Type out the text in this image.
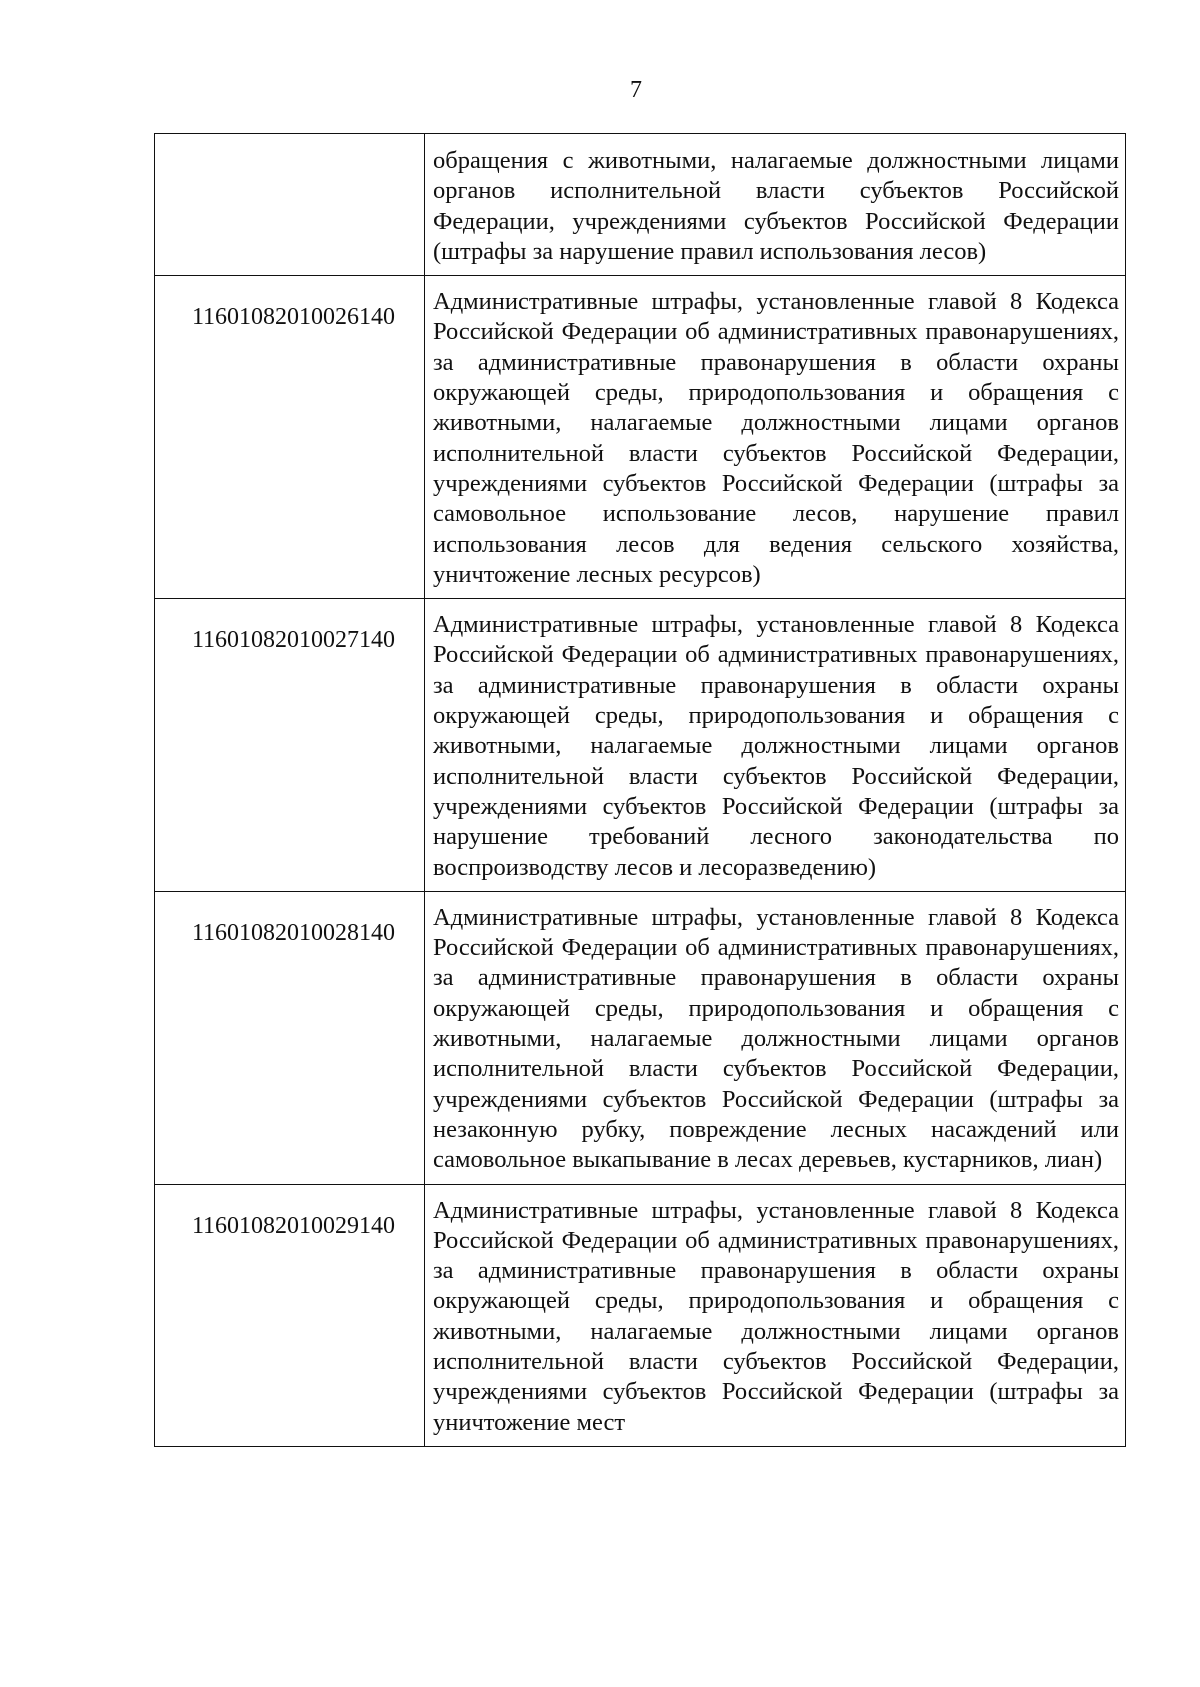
7
	обращения с животными, налагаемые должностными лицами органов исполнительной власти субъектов Российской Федерации, учреждениями субъектов Российской Федерации (штрафы за нарушение правил использования лесов)
11601082010026140	Административные штрафы, установленные главой 8 Кодекса Российской Федерации об административных правонарушениях, за административные правонарушения в области охраны окружающей среды, природопользования и обращения с животными, налагаемые должностными лицами органов исполнительной власти субъектов Российской Федерации, учреждениями субъектов Российской Федерации (штрафы за самовольное использование лесов, нарушение правил использования лесов для ведения сельского хозяйства, уничтожение лесных ресурсов)
11601082010027140	Административные штрафы, установленные главой 8 Кодекса Российской Федерации об административных правонарушениях, за административные правонарушения в области охраны окружающей среды, природопользования и обращения с животными, налагаемые должностными лицами органов исполнительной власти субъектов Российской Федерации, учреждениями субъектов Российской Федерации (штрафы за нарушение требований лесного законодательства по воспроизводству лесов и лесоразведению)
11601082010028140	Административные штрафы, установленные главой 8 Кодекса Российской Федерации об административных правонарушениях, за административные правонарушения в области охраны окружающей среды, природопользования и обращения с животными, налагаемые должностными лицами органов исполнительной власти субъектов Российской Федерации, учреждениями субъектов Российской Федерации (штрафы за незаконную рубку, повреждение лесных насаждений или самовольное выкапывание в лесах деревьев, кустарников, лиан)
11601082010029140	Административные штрафы, установленные главой 8 Кодекса Российской Федерации об административных правонарушениях, за административные правонарушения в области охраны окружающей среды, природопользования и обращения с животными, налагаемые должностными лицами органов исполнительной власти субъектов Российской Федерации, учреждениями субъектов Российской Федерации (штрафы за уничтожение мест
